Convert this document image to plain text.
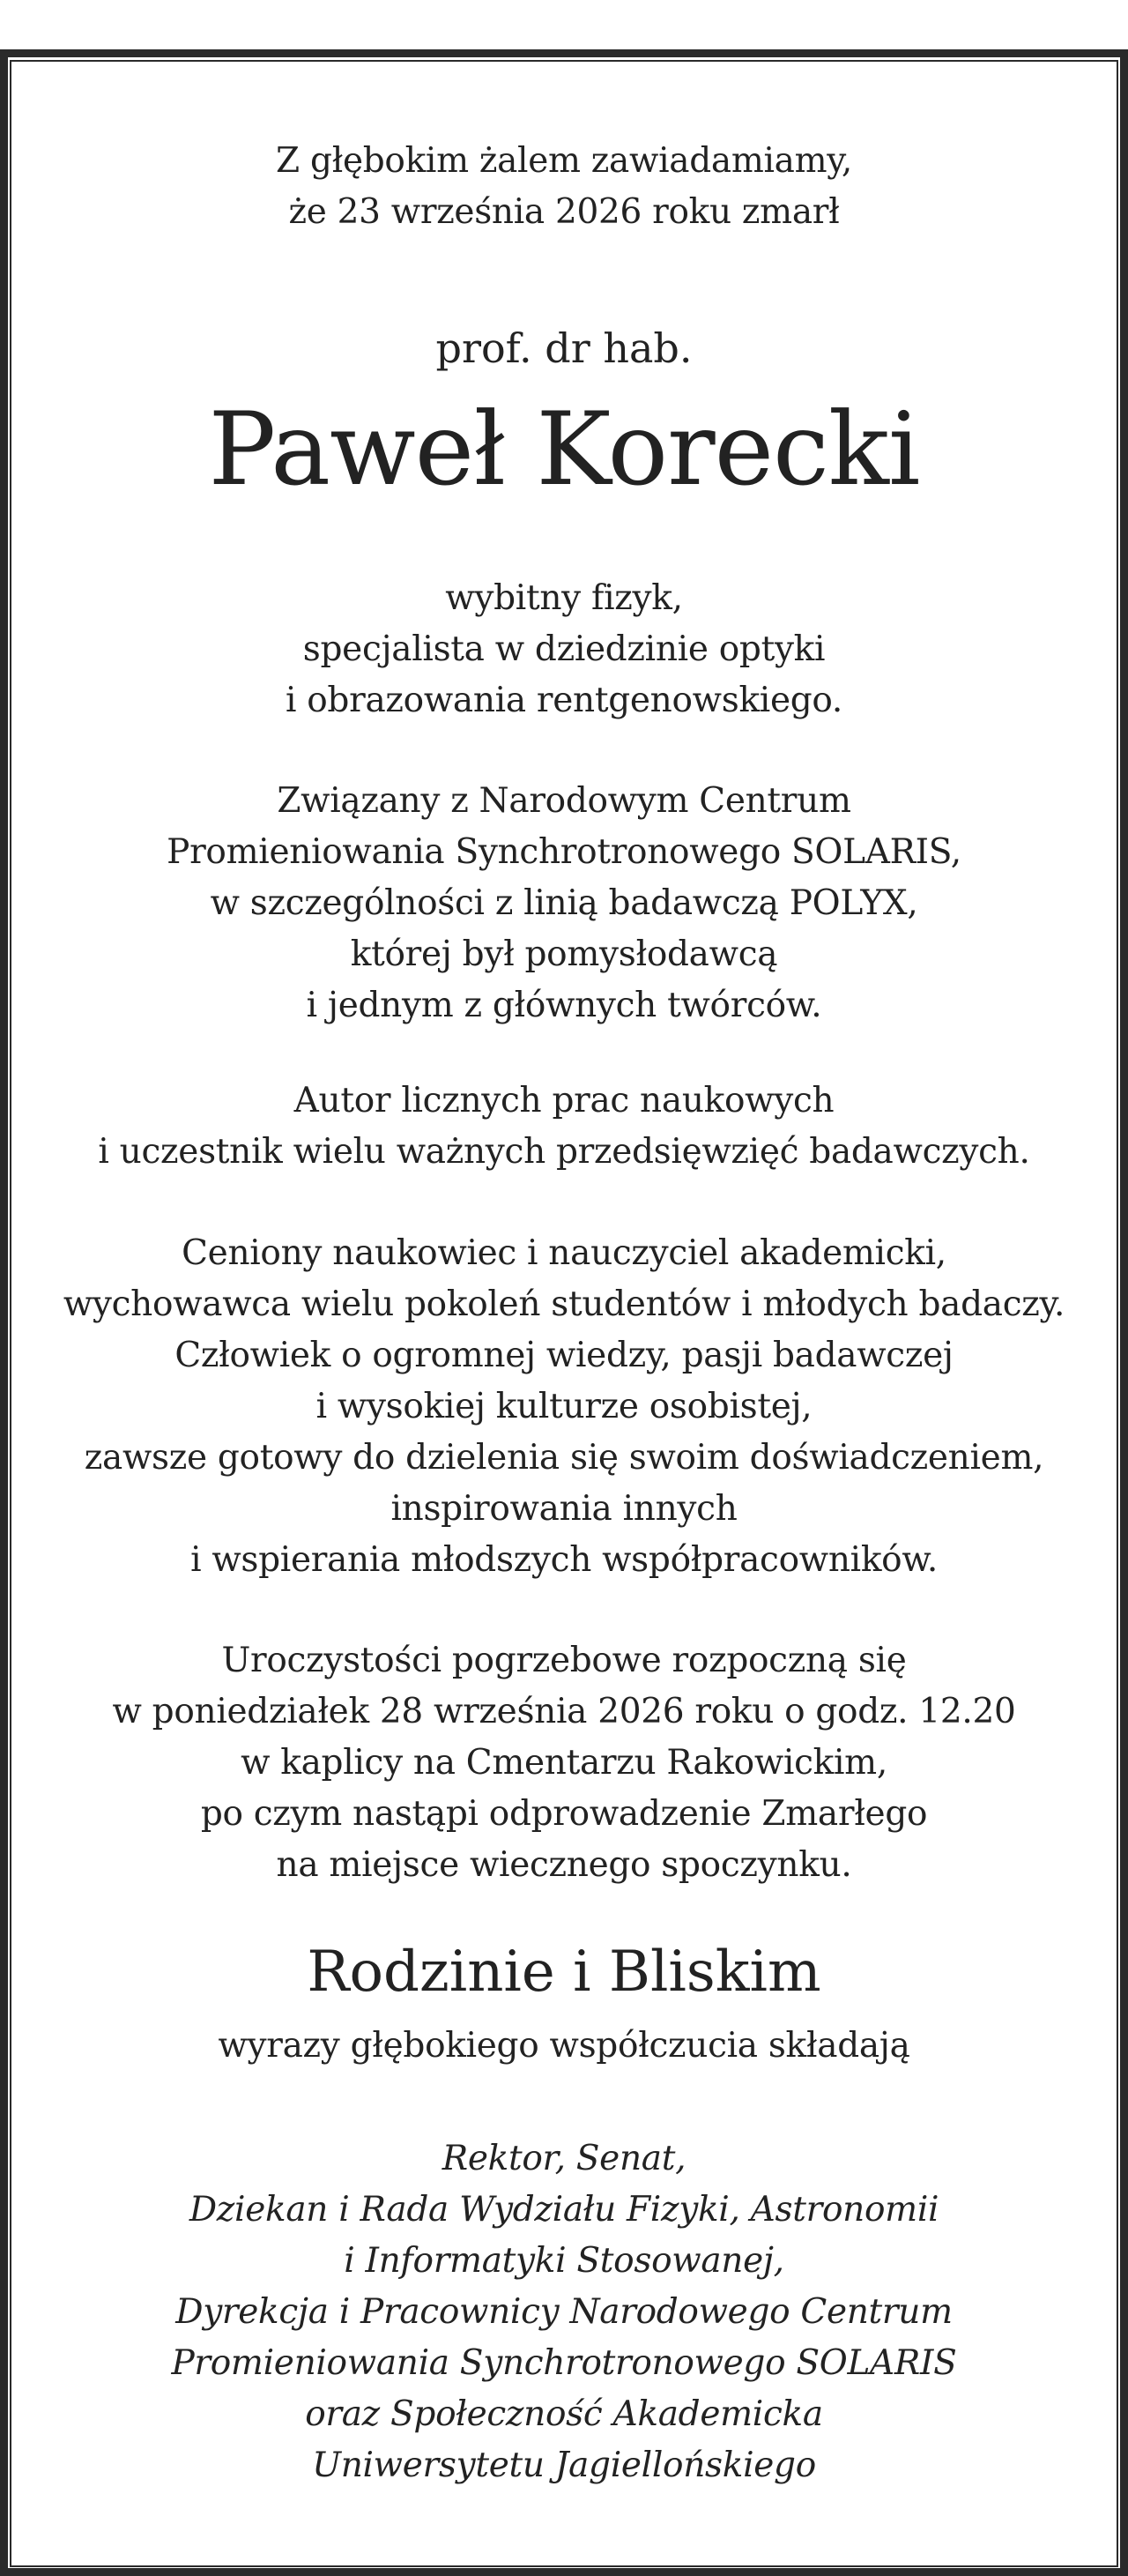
Z głębokim żalem zawiadamiamy,
że 23 września 2026 roku zmarł
prof. dr hab.
Paweł Korecki
wybitny fizyk,
specjalista w dziedzinie optyki
i obrazowania rentgenowskiego.
Związany z Narodowym Centrum
Promieniowania Synchrotronowego SOLARIS,
w szczególności z linią badawczą POLYX,
której był pomysłodawcą
i jednym z głównych twórców.
Autor licznych prac naukowych
i uczestnik wielu ważnych przedsięwzięć badawczych.
Ceniony naukowiec i nauczyciel akademicki,
wychowawca wielu pokoleń studentów i młodych badaczy.
Człowiek o ogromnej wiedzy, pasji badawczej
i wysokiej kulturze osobistej,
zawsze gotowy do dzielenia się swoim doświadczeniem,
inspirowania innych
i wspierania młodszych współpracowników.
Uroczystości pogrzebowe rozpoczną się
w poniedziałek 28 września 2026 roku o godz. 12.20
w kaplicy na Cmentarzu Rakowickim,
po czym nastąpi odprowadzenie Zmarłego
na miejsce wiecznego spoczynku.
Rodzinie i Bliskim
wyrazy głębokiego współczucia składają
Rektor, Senat,
Dziekan i Rada Wydziału Fizyki, Astronomii
i Informatyki Stosowanej,
Dyrekcja i Pracownicy Narodowego Centrum
Promieniowania Synchrotronowego SOLARIS
oraz Społeczność Akademicka
Uniwersytetu Jagiellońskiego
